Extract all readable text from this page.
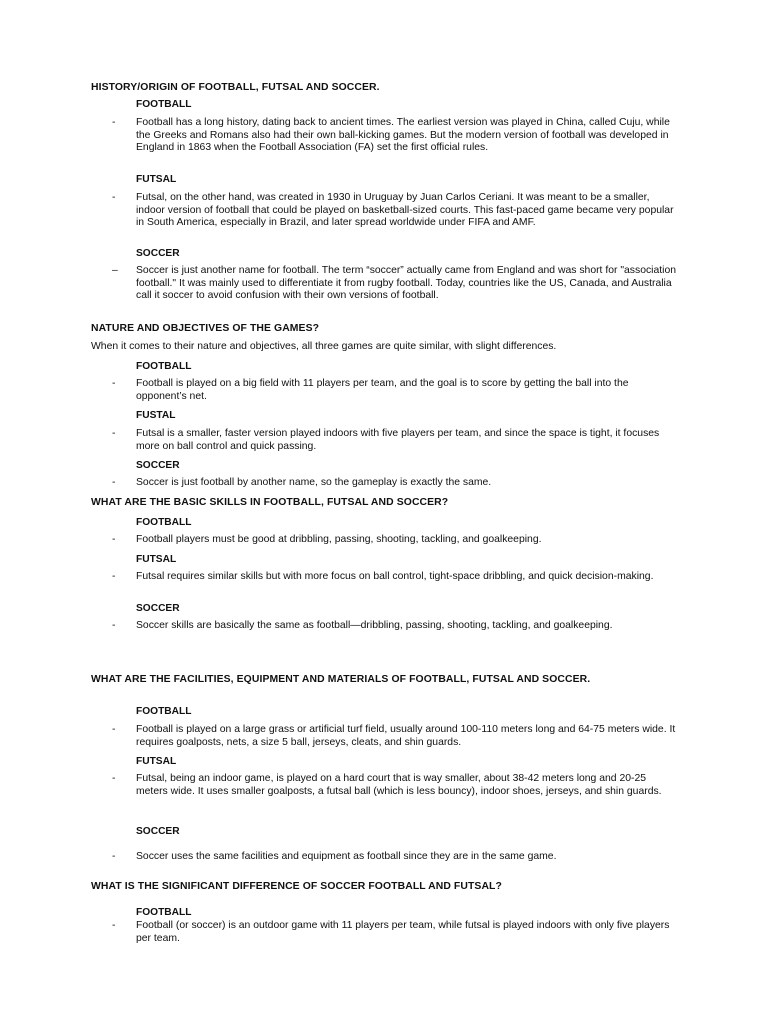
HISTORY/ORIGIN OF FOOTBALL, FUTSAL AND SOCCER.
FOOTBALL
- Football has a long history, dating back to ancient times. The earliest version was played in China, called Cuju, while the Greeks and Romans also had their own ball-kicking games. But the modern version of football was developed in England in 1863 when the Football Association (FA) set the first official rules.

FUTSAL
- Futsal, on the other hand, was created in 1930 in Uruguay by Juan Carlos Ceriani. It was meant to be a smaller, indoor version of football that could be played on basketball-sized courts. This fast-paced game became very popular in South America, especially in Brazil, and later spread worldwide under FIFA and AMF.

SOCCER
– Soccer is just another name for football. The term “soccer” actually came from England and was short for "association football." It was mainly used to differentiate it from rugby football. Today, countries like the US, Canada, and Australia call it soccer to avoid confusion with their own versions of football.

NATURE AND OBJECTIVES OF THE GAMES?

When it comes to their nature and objectives, all three games are quite similar, with slight differences.

FOOTBALL
- Football is played on a big field with 11 players per team, and the goal is to score by getting the ball into the opponent’s net.

FUSTAL
- Futsal is a smaller, faster version played indoors with five players per team, and since the space is tight, it focuses more on ball control and quick passing.

SOCCER
- Soccer is just football by another name, so the gameplay is exactly the same.

WHAT ARE THE BASIC SKILLS IN FOOTBALL, FUTSAL AND SOCCER?
FOOTBALL
- Football players must be good at dribbling, passing, shooting, tackling, and goalkeeping.

FUTSAL
- Futsal requires similar skills but with more focus on ball control, tight-space dribbling, and quick decision-making.

SOCCER
- Soccer skills are basically the same as football—dribbling, passing, shooting, tackling, and goalkeeping.

WHAT ARE THE FACILITIES, EQUIPMENT AND MATERIALS OF FOOTBALL, FUTSAL AND SOCCER.
FOOTBALL
- Football is played on a large grass or artificial turf field, usually around 100-110 meters long and 64-75 meters wide. It requires goalposts, nets, a size 5 ball, jerseys, cleats, and shin guards.

FUTSAL
- Futsal, being an indoor game, is played on a hard court that is way smaller, about 38-42 meters long and 20-25 meters wide. It uses smaller goalposts, a futsal ball (which is less bouncy), indoor shoes, jerseys, and shin guards.

SOCCER
- Soccer uses the same facilities and equipment as football since they are in the same game.

WHAT IS THE SIGNIFICANT DIFFERENCE OF SOCCER FOOTBALL AND FUTSAL?
FOOTBALL
- Football (or soccer) is an outdoor game with 11 players per team, while futsal is played indoors with only five players per team.
